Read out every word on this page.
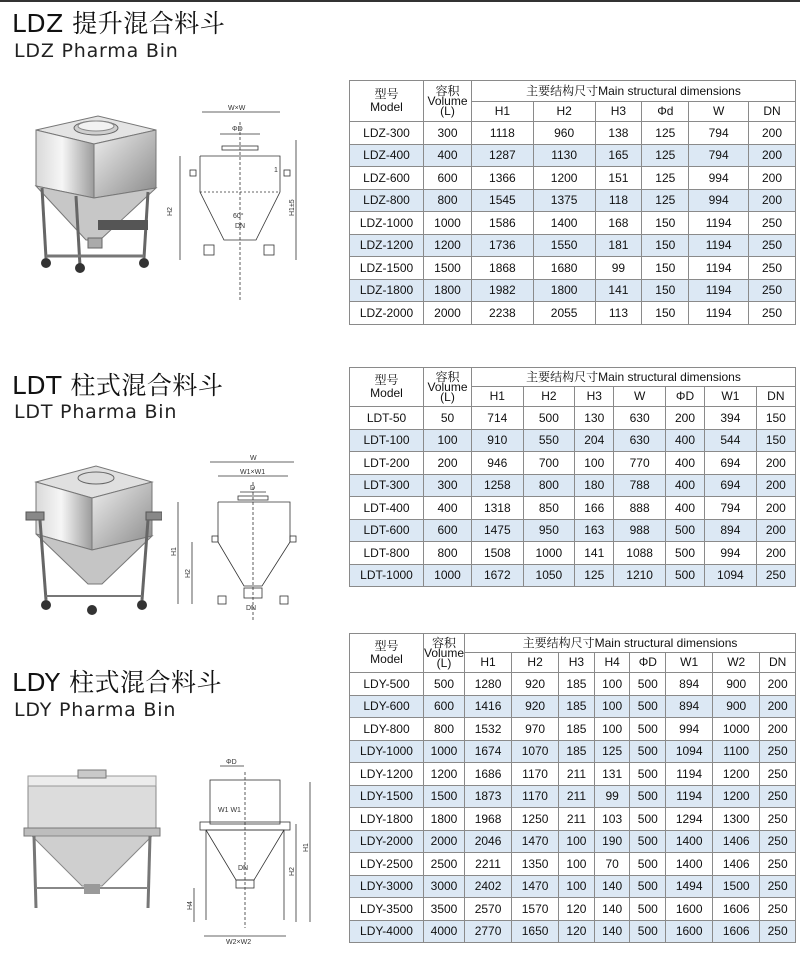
LDZ 提升混合料斗
LDZ Pharma Bin
W×W
ΦD
60°
DN
H2	H1±5
1
型号
Model	容积
Volume
(L)	主要结构尺寸Main structural dimensions					
		H1	H2	H3	Φd	W	DN
LDZ-300	300	1118	960	138	125	794	200
LDZ-400	400	1287	1130	165	125	794	200
LDZ-600	600	1366	1200	151	125	994	200
LDZ-800	800	1545	1375	118	125	994	200
LDZ-1000	1000	1586	1400	168	150	1194	250
LDZ-1200	1200	1736	1550	181	150	1194	250
LDZ-1500	1500	1868	1680	99	150	1194	250
LDZ-1800	1800	1982	1800	141	150	1194	250
LDZ-2000	2000	2238	2055	113	150	1194	250
LDT 柱式混合料斗
LDT Pharma Bin
W
W1×W1
D
DN
H1
H2
型号
Model	容积
Volume
(L)	主要结构尺寸Main structural dimensions						
		H1	H2	H3	W	ΦD	W1	DN
LDT-50	50	714	500	130	630	200	394	150
LDT-100	100	910	550	204	630	400	544	150
LDT-200	200	946	700	100	770	400	694	200
LDT-300	300	1258	800	180	788	400	694	200
LDT-400	400	1318	850	166	888	400	794	200
LDT-600	600	1475	950	163	988	500	894	200
LDT-800	800	1508	1000	141	1088	500	994	200
LDT-1000	1000	1672	1050	125	1210	500	1094	250
LDY 柱式混合料斗
LDY Pharma Bin
ΦD
W1 W1
DN
H1
H2
H4
W2×W2
型号
Model	容积
Volume
(L)	主要结构尺寸Main structural dimensions							
		H1	H2	H3	H4	ΦD	W1	W2	DN
LDY-500	500	1280	920	185	100	500	894	900	200
LDY-600	600	1416	920	185	100	500	894	900	200
LDY-800	800	1532	970	185	100	500	994	1000	200
LDY-1000	1000	1674	1070	185	125	500	1094	1100	250
LDY-1200	1200	1686	1170	211	131	500	1194	1200	250
LDY-1500	1500	1873	1170	211	99	500	1194	1200	250
LDY-1800	1800	1968	1250	211	103	500	1294	1300	250
LDY-2000	2000	2046	1470	100	190	500	1400	1406	250
LDY-2500	2500	2211	1350	100	70	500	1400	1406	250
LDY-3000	3000	2402	1470	100	140	500	1494	1500	250
LDY-3500	3500	2570	1570	120	140	500	1600	1606	250
LDY-4000	4000	2770	1650	120	140	500	1600	1606	250
